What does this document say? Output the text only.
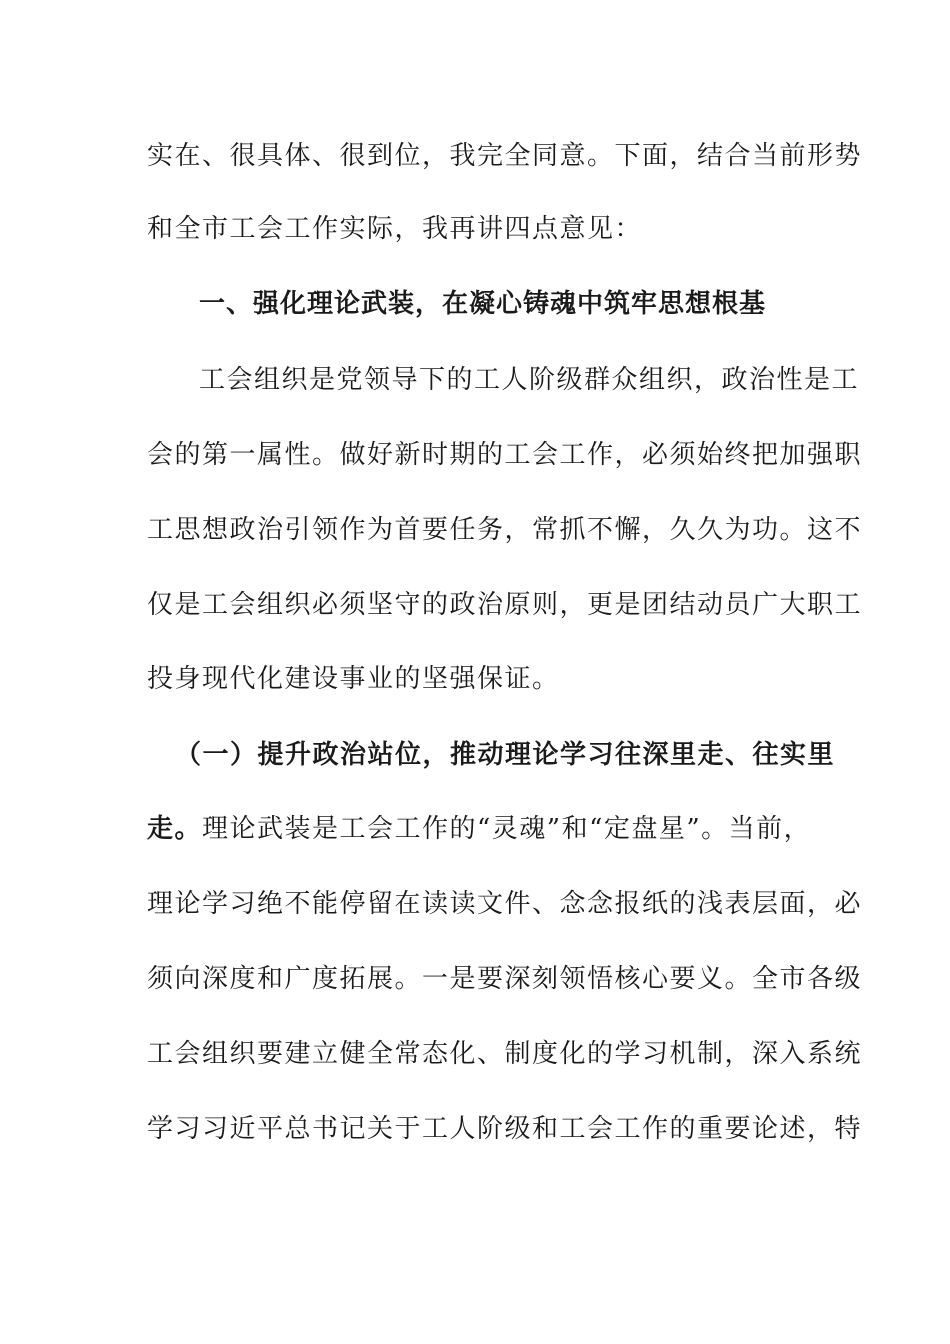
实在、很具体、很到位，我完全同意。下面，结合当前形势
和全市工会工作实际，我再讲四点意见：
一、强化理论武装，在凝心铸魂中筑牢思想根基
工会组织是党领导下的工人阶级群众组织，政治性是工
会的第一属性。做好新时期的工会工作，必须始终把加强职
工思想政治引领作为首要任务，常抓不懈，久久为功。这不
仅是工会组织必须坚守的政治原则，更是团结动员广大职工
投身现代化建设事业的坚强保证。
（一）提升政治站位，推动理论学习往深里走、往实里
走。理论武装是工会工作的“灵魂”和“定盘星”。当前，
理论学习绝不能停留在读读文件、念念报纸的浅表层面，必
须向深度和广度拓展。一是要深刻领悟核心要义。全市各级
工会组织要建立健全常态化、制度化的学习机制，深入系统
学习习近平总书记关于工人阶级和工会工作的重要论述，特
